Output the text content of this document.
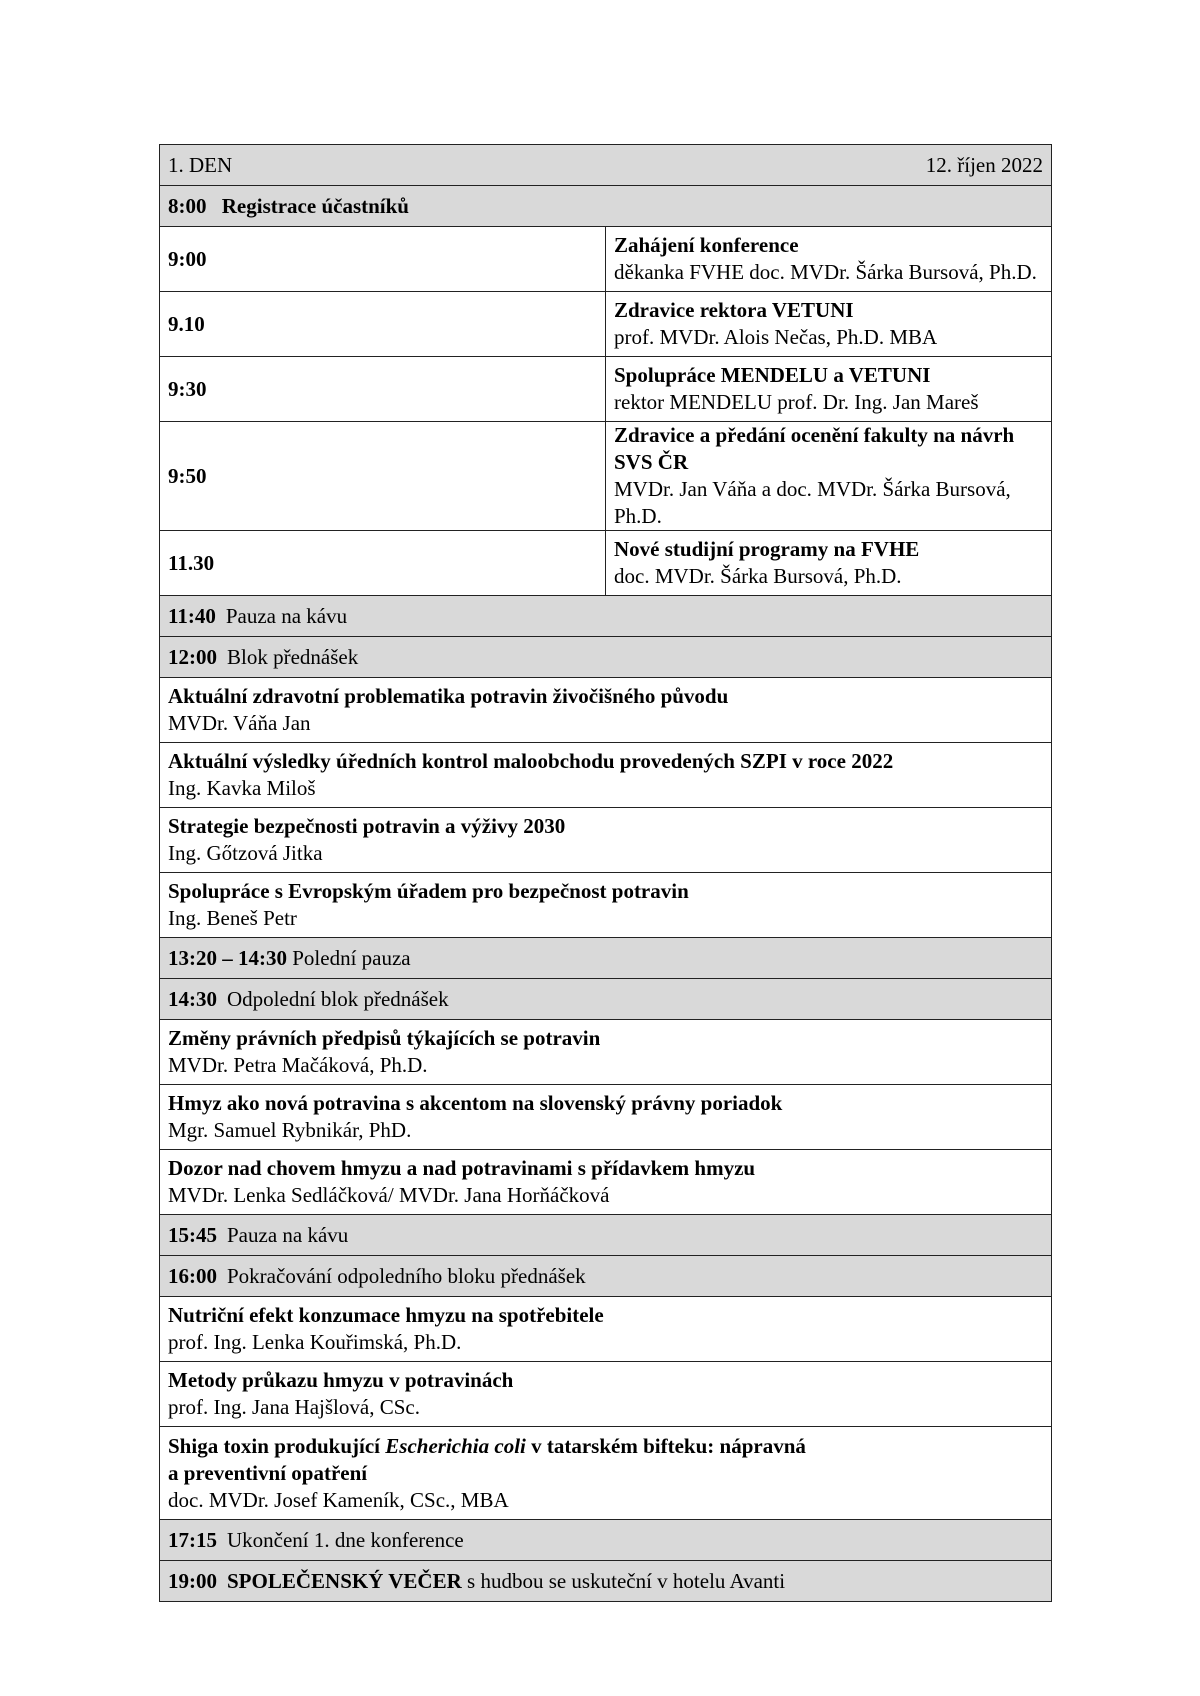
1. DEN 12. říjen 2022	

8:00 Registrace účastníků	
9:00	Zahájení konference
děkanka FVHE doc. MVDr. Šárka Bursová, Ph.D.

9.10	Zdravice rektora VETUNI
prof. MVDr. Alois Nečas, Ph.D. MBA

9:30	Spolupráce MENDELU a VETUNI
rektor MENDELU prof. Dr. Ing. Jan Mareš

9:50	Zdravice a předání ocenění fakulty na návrh SVS ČR
MVDr. Jan Váňa a doc. MVDr. Šárka Bursová, Ph.D.

11.30	Nové studijní programy na FVHE
doc. MVDr. Šárka Bursová, Ph.D.

11:40 Pauza na kávu	
12:00 Blok přednášek	

Aktuální zdravotní problematika potravin živočišného původu
MVDr. Váňa Jan	

Aktuální výsledky úředních kontrol maloobchodu provedených SZPI v roce 2022
Ing. Kavka Miloš	

Strategie bezpečnosti potravin a výživy 2030
Ing. Gőtzová Jitka	

Spolupráce s Evropským úřadem pro bezpečnost potravin
Ing. Beneš Petr	

13:20 – 14:30 Polední pauza	
14:30 Odpolední blok přednášek	

Změny právních předpisů týkajících se potravin
MVDr. Petra Mačáková, Ph.D.	

Hmyz ako nová potravina s akcentom na slovenský právny poriadok
Mgr. Samuel Rybnikár, PhD.	

Dozor nad chovem hmyzu a nad potravinami s přídavkem hmyzu
MVDr. Lenka Sedláčková/ MVDr. Jana Horňáčková	

15:45 Pauza na kávu	
16:00 Pokračování odpoledního bloku přednášek	

Nutriční efekt konzumace hmyzu na spotřebitele
prof. Ing. Lenka Kouřimská, Ph.D.	

Metody průkazu hmyzu v potravinách
prof. Ing. Jana Hajšlová, CSc.	

Shiga toxin produkující Escherichia coli v tatarském bifteku: nápravná
a preventivní opatření
doc. MVDr. Josef Kameník, CSc., MBA	

17:15 Ukončení 1. dne konference	
19:00 SPOLEČENSKÝ VEČER s hudbou se uskuteční v hotelu Avanti	
